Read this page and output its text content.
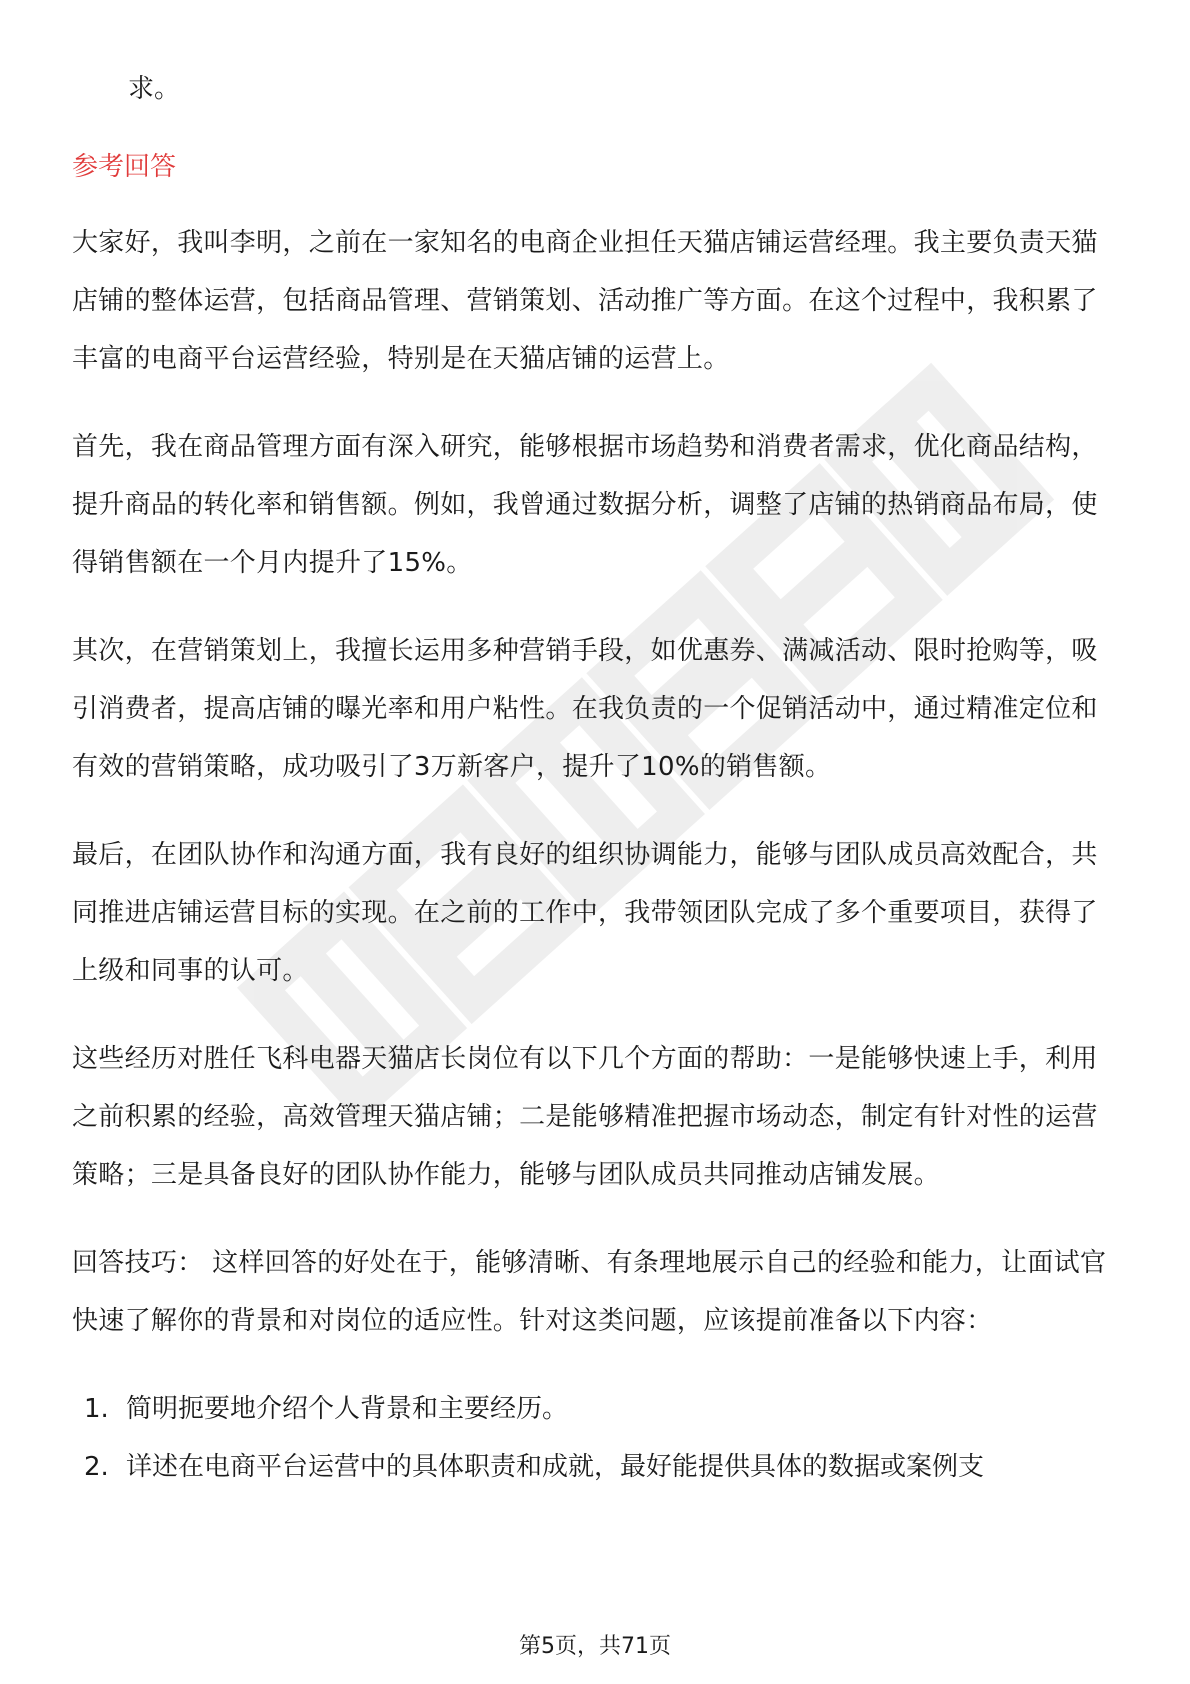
求。

参考回答

大家好，我叫李明，之前在一家知名的电商企业担任天猫店铺运营经理。我主要负责天猫店铺的整体运营，包括商品管理、营销策划、活动推广等方面。在这个过程中，我积累了丰富的电商平台运营经验，特别是在天猫店铺的运营上。

首先，我在商品管理方面有深入研究，能够根据市场趋势和消费者需求，优化商品结构，提升商品的转化率和销售额。例如，我曾通过数据分析，调整了店铺的热销商品布局，使得销售额在一个月内提升了15%。

其次，在营销策划上，我擅长运用多种营销手段，如优惠券、满减活动、限时抢购等，吸引消费者，提高店铺的曝光率和用户粘性。在我负责的一个促销活动中，通过精准定位和有效的营销策略，成功吸引了3万新客户，提升了10%的销售额。

最后，在团队协作和沟通方面，我有良好的组织协调能力，能够与团队成员高效配合，共同推进店铺运营目标的实现。在之前的工作中，我带领团队完成了多个重要项目，获得了上级和同事的认可。

这些经历对胜任飞科电器天猫店长岗位有以下几个方面的帮助：一是能够快速上手，利用之前积累的经验，高效管理天猫店铺；二是能够精准把握市场动态，制定有针对性的运营策略；三是具备良好的团队协作能力，能够与团队成员共同推动店铺发展。

回答技巧： 这样回答的好处在于，能够清晰、有条理地展示自己的经验和能力，让面试官快速了解你的背景和对岗位的适应性。针对这类问题，应该提前准备以下内容：

1. 简明扼要地介绍个人背景和主要经历。
2. 详述在电商平台运营中的具体职责和成就，最好能提供具体的数据或案例支
第5页，共71页
